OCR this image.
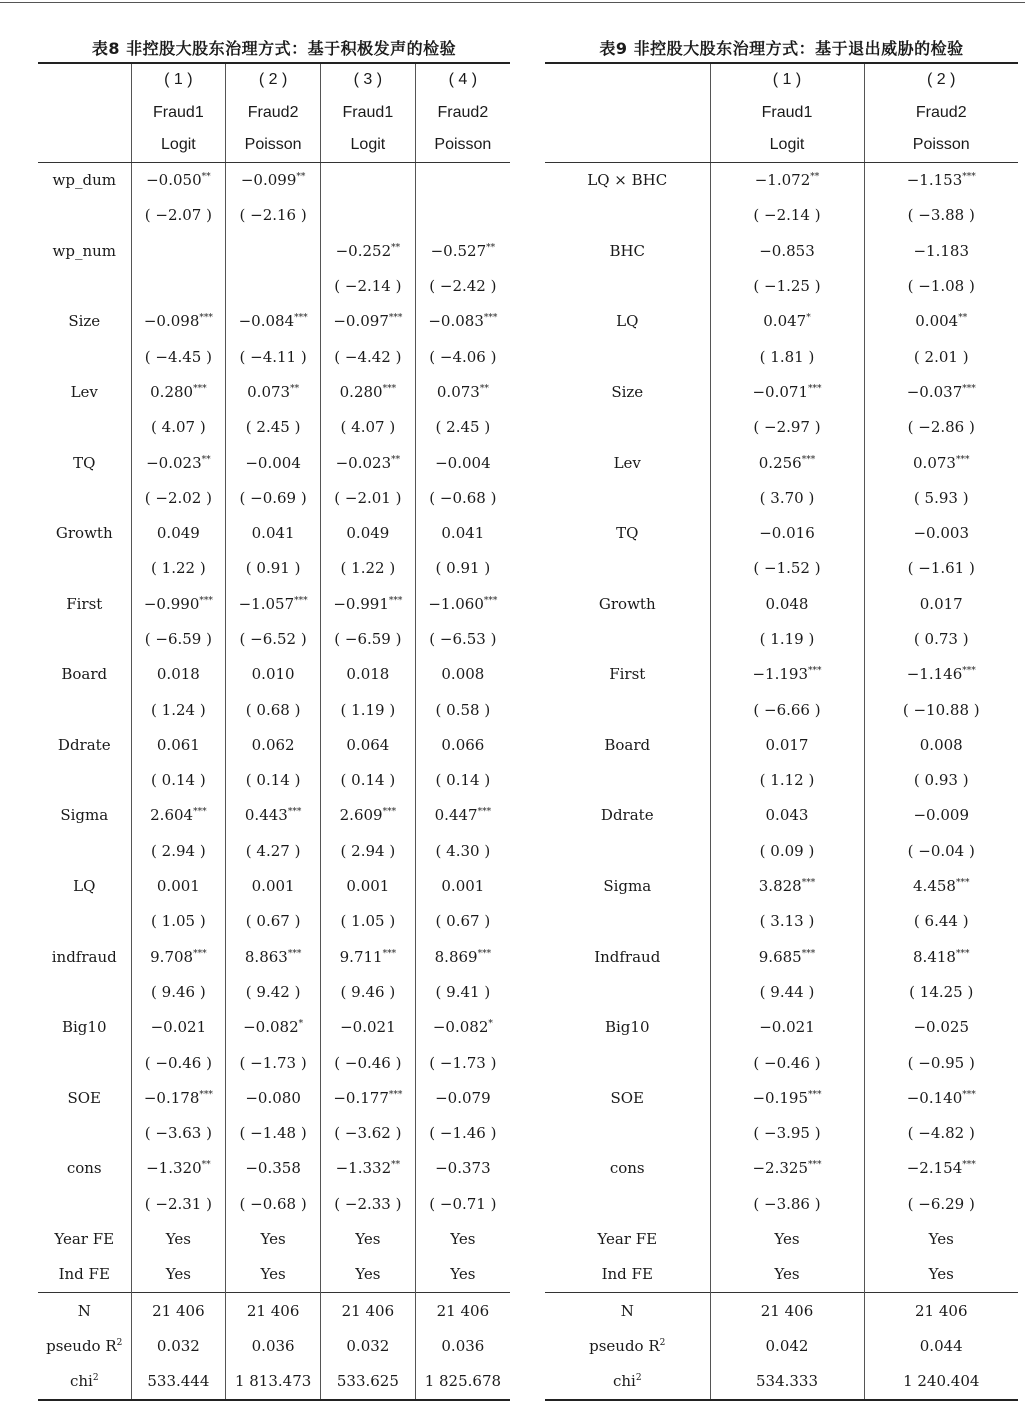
表8 非控股大股东治理方式：基于积极发声的检验
	( 1 )	( 2 )	( 3 )	( 4 )
	Fraud1	Fraud2	Fraud1	Fraud2
	Logit	Poisson	Logit	Poisson
wp_dum	−0.050**	−0.099**		
	( −2.07 )	( −2.16 )		
wp_num			−0.252**	−0.527**
			( −2.14 )	( −2.42 )
Size	−0.098***	−0.084***	−0.097***	−0.083***
	( −4.45 )	( −4.11 )	( −4.42 )	( −4.06 )
Lev	0.280***	0.073**	0.280***	0.073**
	( 4.07 )	( 2.45 )	( 4.07 )	( 2.45 )
TQ	−0.023**	−0.004	−0.023**	−0.004
	( −2.02 )	( −0.69 )	( −2.01 )	( −0.68 )
Growth	0.049	0.041	0.049	0.041
	( 1.22 )	( 0.91 )	( 1.22 )	( 0.91 )
First	−0.990***	−1.057***	−0.991***	−1.060***
	( −6.59 )	( −6.52 )	( −6.59 )	( −6.53 )
Board	0.018	0.010	0.018	0.008
	( 1.24 )	( 0.68 )	( 1.19 )	( 0.58 )
Ddrate	0.061	0.062	0.064	0.066
	( 0.14 )	( 0.14 )	( 0.14 )	( 0.14 )
Sigma	2.604***	0.443***	2.609***	0.447***
	( 2.94 )	( 4.27 )	( 2.94 )	( 4.30 )
LQ	0.001	0.001	0.001	0.001
	( 1.05 )	( 0.67 )	( 1.05 )	( 0.67 )
indfraud	9.708***	8.863***	9.711***	8.869***
	( 9.46 )	( 9.42 )	( 9.46 )	( 9.41 )
Big10	−0.021	−0.082*	−0.021	−0.082*
	( −0.46 )	( −1.73 )	( −0.46 )	( −1.73 )
SOE	−0.178***	−0.080	−0.177***	−0.079
	( −3.63 )	( −1.48 )	( −3.62 )	( −1.46 )
cons	−1.320**	−0.358	−1.332**	−0.373
	( −2.31 )	( −0.68 )	( −2.33 )	( −0.71 )
Year FE	Yes	Yes	Yes	Yes
Ind FE	Yes	Yes	Yes	Yes
N	21 406	21 406	21 406	21 406
pseudo $R^2$	0.032	0.036	0.032	0.036
chi$^2$	533.444	1 813.473	533.625	1 825.678
表9 非控股大股东治理方式：基于退出威胁的检验
	( 1 )	( 2 )
	Fraud1	Fraud2
	Logit	Poisson
LQ × BHC	−1.072**	−1.153***
	( −2.14 )	( −3.88 )
BHC	−0.853	−1.183
	( −1.25 )	( −1.08 )
LQ	0.047*	0.004**
	( 1.81 )	( 2.01 )
Size	−0.071***	−0.037***
	( −2.97 )	( −2.86 )
Lev	0.256***	0.073***
	( 3.70 )	( 5.93 )
TQ	−0.016	−0.003
	( −1.52 )	( −1.61 )
Growth	0.048	0.017
	( 1.19 )	( 0.73 )
First	−1.193***	−1.146***
	( −6.66 )	( −10.88 )
Board	0.017	0.008
	( 1.12 )	( 0.93 )
Ddrate	0.043	−0.009
	( 0.09 )	( −0.04 )
Sigma	3.828***	4.458***
	( 3.13 )	( 6.44 )
Indfraud	9.685***	8.418***
	( 9.44 )	( 14.25 )
Big10	−0.021	−0.025
	( −0.46 )	( −0.95 )
SOE	−0.195***	−0.140***
	( −3.95 )	( −4.82 )
cons	−2.325***	−2.154***
	( −3.86 )	( −6.29 )
Year FE	Yes	Yes
Ind FE	Yes	Yes
N	21 406	21 406
pseudo $R^2$	0.042	0.044
chi$^2$	534.333	1 240.404
